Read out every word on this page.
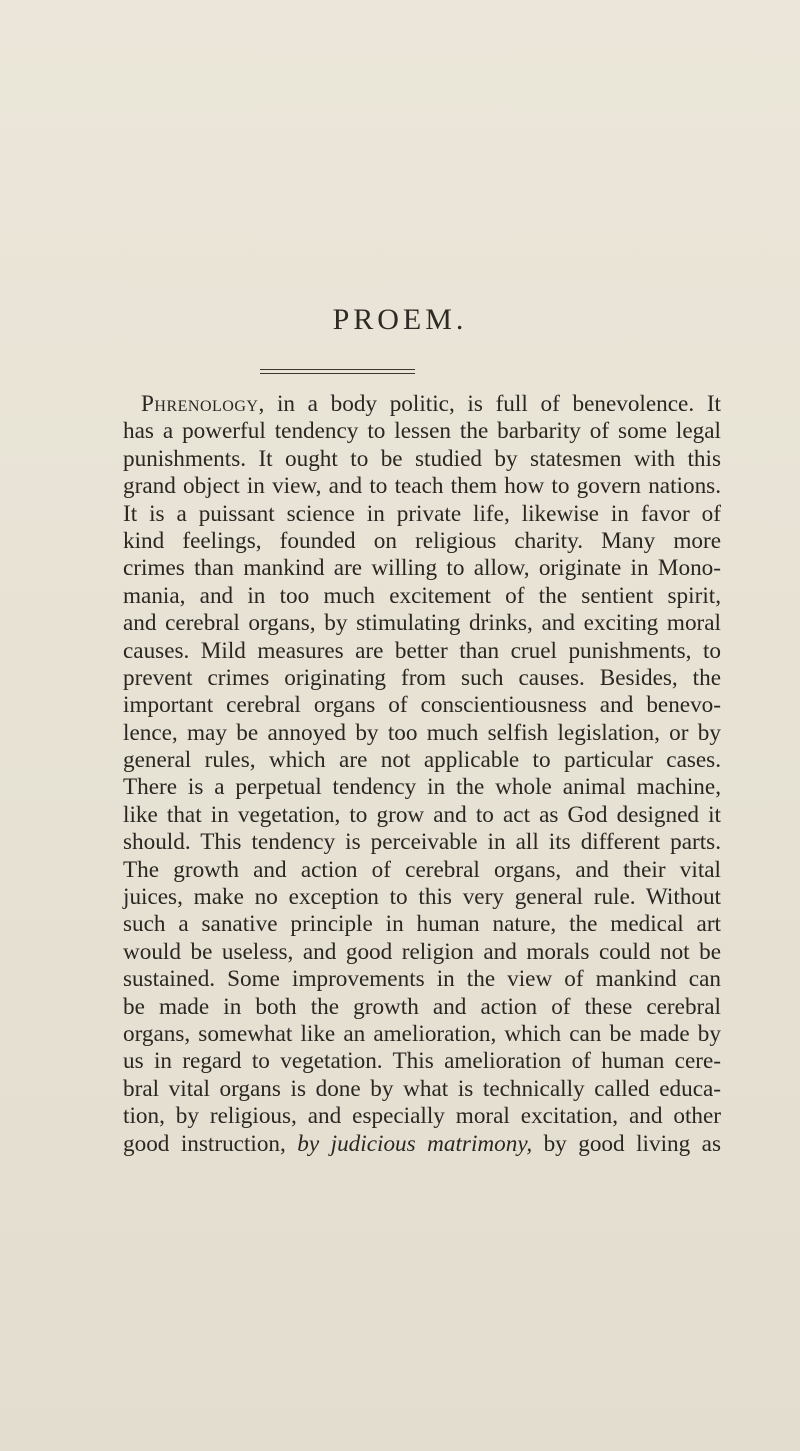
PROEM.
Phrenology, in a body politic, is full of benevolence. It
has a powerful tendency to lessen the barbarity of some legal
punishments. It ought to be studied by statesmen with this
grand object in view, and to teach them how to govern nations.
It is a puissant science in private life, likewise in favor of
kind feelings, founded on religious charity. Many more
crimes than mankind are willing to allow, originate in Mono-
mania, and in too much excitement of the sentient spirit,
and cerebral organs, by stimulating drinks, and exciting moral
causes. Mild measures are better than cruel punishments, to
prevent crimes originating from such causes. Besides, the
important cerebral organs of conscientiousness and benevo-
lence, may be annoyed by too much selfish legislation, or by
general rules, which are not applicable to particular cases.
There is a perpetual tendency in the whole animal machine,
like that in vegetation, to grow and to act as God designed it
should. This tendency is perceivable in all its different parts.
The growth and action of cerebral organs, and their vital
juices, make no exception to this very general rule. Without
such a sanative principle in human nature, the medical art
would be useless, and good religion and morals could not be
sustained. Some improvements in the view of mankind can
be made in both the growth and action of these cerebral
organs, somewhat like an amelioration, which can be made by
us in regard to vegetation. This amelioration of human cere-
bral vital organs is done by what is technically called educa-
tion, by religious, and especially moral excitation, and other
good instruction, by judicious matrimony, by good living as
